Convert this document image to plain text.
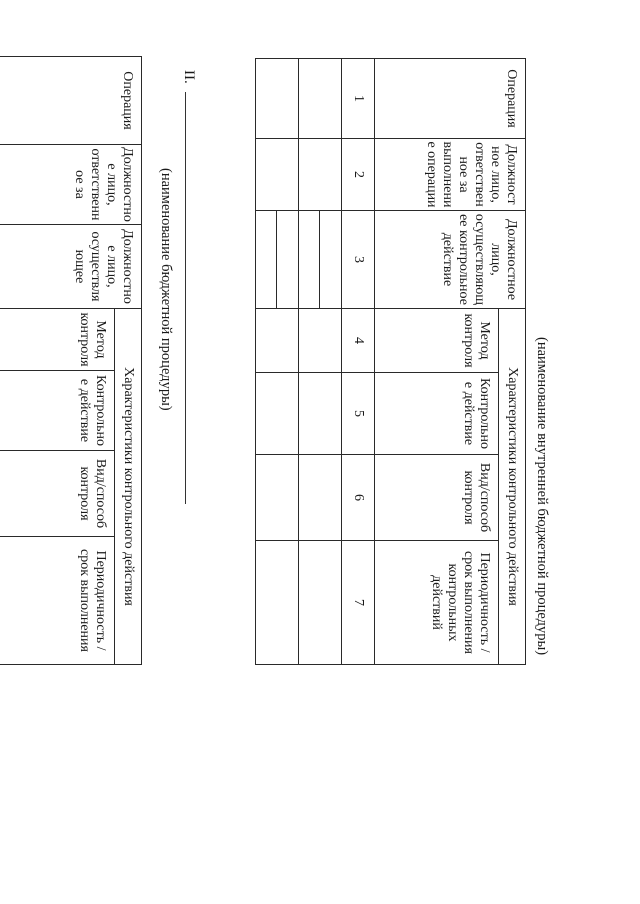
(наименование внутренней бюджетной процедуры)
Операция	Должностное лицо, ответственное за выполнение операции	Должностное лицо, осуществляющее контрольное действие	Характеристики контрольного действия			

			Метод контроля	Контрольное действие	Вид/способ контроля	Периодичность /срок выполнения контрольных действий

1	2	3	4	5	6	7

II.
(наименование бюджетной процедуры)
Операция	Должностное лицо, ответственное за	Должностное лицо, осуществляющее	Характеристики контрольного действия			

			Метод контроля	Контрольное действие	Вид/способ контроля	Периодичность /срок выполнения
